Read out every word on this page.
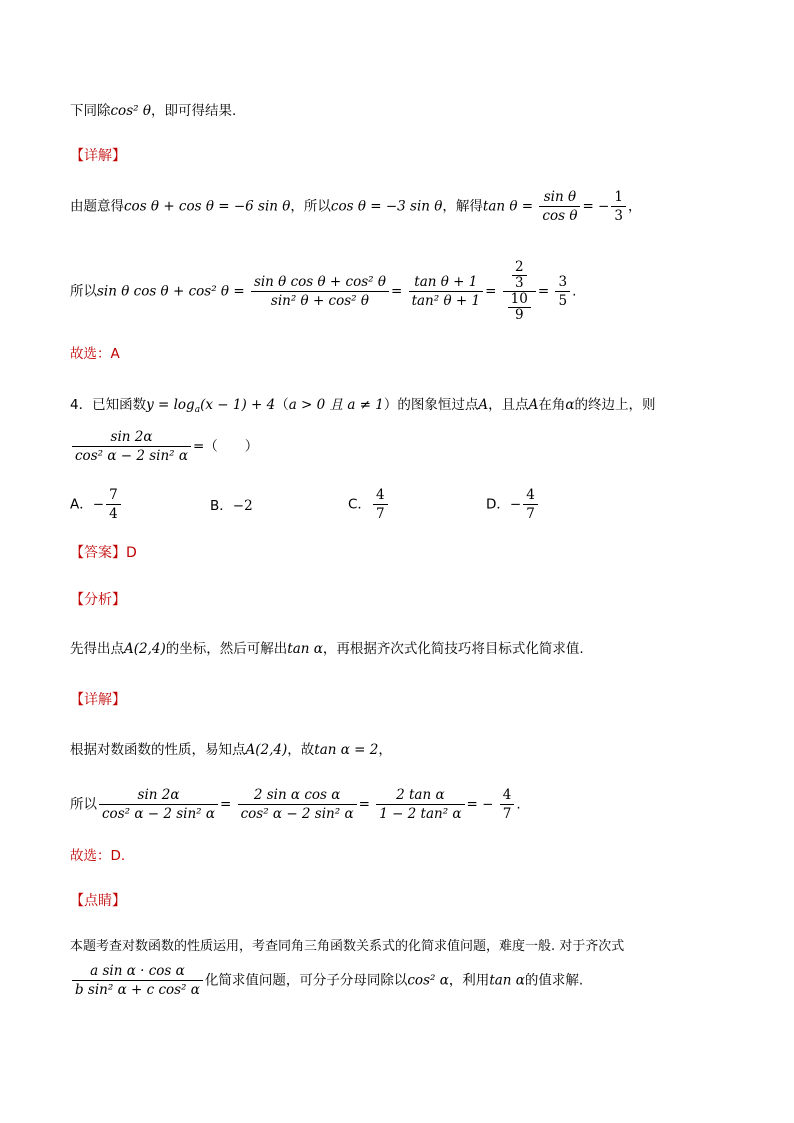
下同除cos² θ，即可得结果.
【详解】
由题意得cos θ + cos θ = −6 sin θ，所以cos θ = −3 sin θ，解得$\tan \theta = \frac{\text{sin θ}}{\text{cos θ}}$ = − $\frac{1}{3}$ ，
所以sin θ cos θ + cos² $\theta = \frac{\text{sin θ cos θ + cos² θ}}{\text{sin² θ + cos² θ}} = \frac{\text{tan θ + 1}}{\text{tan² θ + 1}} = \frac{\frac{2}{3}}{\frac{10}{9}} = \frac{3}{5}$ .
故选：A
4．已知函数$y = \log_a(x - 1) + 4(a > 0$ 且 a ≠ 1）的图象恒过点A，且点A在角α的终边上，则
$\frac{\sin 2\alpha}{\text{cos² α − 2 sin² α}}$ =（　　）
A．− $\frac{7}{4}$	B．−2	C． $\frac{4}{7}$	D．− $\frac{4}{7}$
【答案】D
【分析】
先得出点A(2,4)的坐标，然后可解出tan α，再根据齐次式化简技巧将目标式化简求值.
【详解】
根据对数函数的性质，易知点A(2,4)，故tan α = 2，
所以 $\frac{\sin 2\alpha}{\text{cos² α − 2 sin² α}} = \frac{\text{2 sin α cos α}}{\text{cos² α − 2 sin² α}} = \frac{\text{2 tan α}}{\text{1 − 2 tan² α}}$ = − $\frac{4}{7}$ .
故选：D.
【点睛】
本题考查对数函数的性质运用，考查同角三角函数关系式的化简求值问题，难度一般. 对于齐次式
$\frac{\text{a sin α · cos α}}{\text{b sin² α + c cos² α}}$ 化简求值问题，可分子分母同除以cos² α，利用tan α的值求解.
